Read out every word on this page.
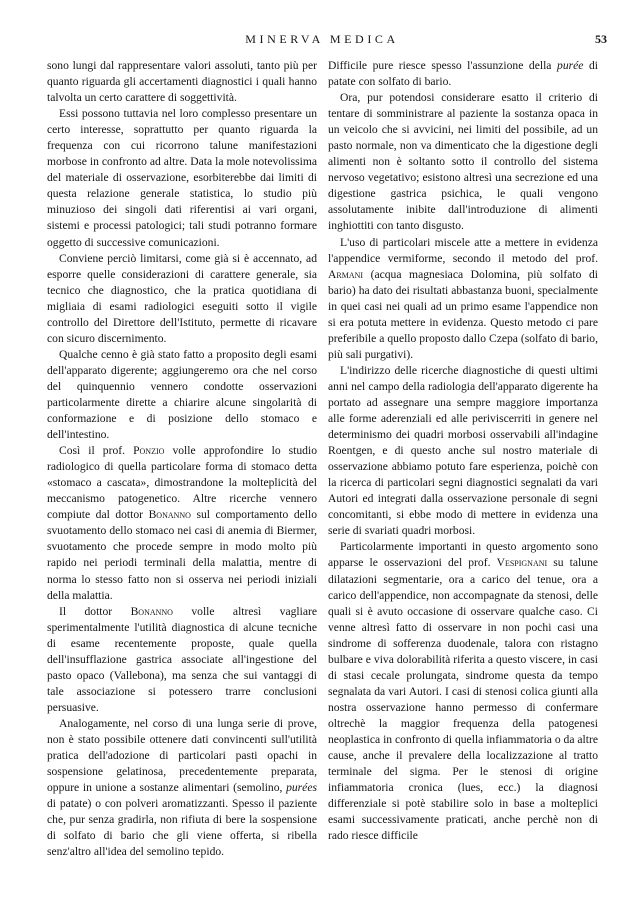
MINERVA MEDICA	53

sono lungi dal rappresentare valori assoluti, tanto più per quanto riguarda gli accertamenti diagnostici i quali hanno talvolta un certo carattere di soggettività.

Essi possono tuttavia nel loro complesso presentare un certo interesse, soprattutto per quanto riguarda la frequenza con cui ricorrono talune manifestazioni morbose in confronto ad altre. Data la mole notevolissima del materiale di osservazione, esorbiterebbe dai limiti di questa relazione generale statistica, lo studio più minuzioso dei singoli dati riferentisi ai vari organi, sistemi e processi patologici; tali studi potranno formare oggetto di successive comunicazioni.

Conviene perciò limitarsi, come già si è accennato, ad esporre quelle considerazioni di carattere generale, sia tecnico che diagnostico, che la pratica quotidiana di migliaia di esami radiologici eseguiti sotto il vigile controllo del Direttore dell'Istituto, permette di ricavare con sicuro discernimento.

Qualche cenno è già stato fatto a proposito degli esami dell'apparato digerente; aggiungeremo ora che nel corso del quinquennio vennero condotte osservazioni particolarmente dirette a chiarire alcune singolarità di conformazione e di posizione dello stomaco e dell'intestino.

Così il prof. Ponzio volle approfondire lo studio radiologico di quella particolare forma di stomaco detta «stomaco a cascata», dimostrandone la molteplicità del meccanismo patogenetico. Altre ricerche vennero compiute dal dottor Bonanno sul comportamento dello svuotamento dello stomaco nei casi di anemia di Biermer, svuotamento che procede sempre in modo molto più rapido nei periodi terminali della malattia, mentre di norma lo stesso fatto non si osserva nei periodi iniziali della malattia.

Il dottor Bonanno volle altresì vagliare sperimentalmente l'utilità diagnostica di alcune tecniche di esame recentemente proposte, quale quella dell'insufflazione gastrica associate all'ingestione del pasto opaco (Vallebona), ma senza che sui vantaggi di tale associazione si potessero trarre conclusioni persuasive.

Analogamente, nel corso di una lunga serie di prove, non è stato possibile ottenere dati convincenti sull'utilità pratica dell'adozione di particolari pasti opachi in sospensione gelatinosa, precedentemente preparata, oppure in unione a sostanze alimentari (semolino, purées di patate) o con polveri aromatizzanti. Spesso il paziente che, pur senza gradirla, non rifiuta di bere la sospensione di solfato di bario che gli viene offerta, si ribella senz'altro all'idea del semolino tepido.

Difficile pure riesce spesso l'assunzione della purée di patate con solfato di bario.

Ora, pur potendosi considerare esatto il criterio di tentare di somministrare al paziente la sostanza opaca in un veicolo che si avvicini, nei limiti del possibile, ad un pasto normale, non va dimenticato che la digestione degli alimenti non è soltanto sotto il controllo del sistema nervoso vegetativo; esistono altresì una secrezione ed una digestione gastrica psichica, le quali vengono assolutamente inibite dall'introduzione di alimenti inghiottiti con tanto disgusto.

L'uso di particolari miscele atte a mettere in evidenza l'appendice vermiforme, secondo il metodo del prof. Armani (acqua magnesiaca Dolomina, più solfato di bario) ha dato dei risultati abbastanza buoni, specialmente in quei casi nei quali ad un primo esame l'appendice non si era potuta mettere in evidenza. Questo metodo ci pare preferibile a quello proposto dallo Czepa (solfato di bario, più sali purgativi).

L'indirizzo delle ricerche diagnostiche di questi ultimi anni nel campo della radiologia dell'apparato digerente ha portato ad assegnare una sempre maggiore importanza alle forme aderenziali ed alle periviscerriti in genere nel determinismo dei quadri morbosi osservabili all'indagine Roentgen, e di questo anche sul nostro materiale di osservazione abbiamo potuto fare esperienza, poichè con la ricerca di particolari segni diagnostici segnalati da vari Autori ed integrati dalla osservazione personale di segni concomitanti, si ebbe modo di mettere in evidenza una serie di svariati quadri morbosi.

Particolarmente importanti in questo argomento sono apparse le osservazioni del prof. Vespignani su talune dilatazioni segmentarie, ora a carico del tenue, ora a carico dell'appendice, non accompagnate da stenosi, delle quali si è avuto occasione di osservare qualche caso. Ci venne altresì fatto di osservare in non pochi casi una sindrome di sofferenza duodenale, talora con ristagno bulbare e viva dolorabilità riferita a questo viscere, in casi di stasi cecale prolungata, sindrome questa da tempo segnalata da vari Autori. I casi di stenosi colica giunti alla nostra osservazione hanno permesso di confermare oltrechè la maggior frequenza della patogenesi neoplastica in confronto di quella infiammatoria o da altre cause, anche il prevalere della localizzazione al tratto terminale del sigma. Per le stenosi di origine infiammatoria cronica (lues, ecc.) la diagnosi differenziale si potè stabilire solo in base a molteplici esami successivamente praticati, anche perchè non di rado riesce difficile
